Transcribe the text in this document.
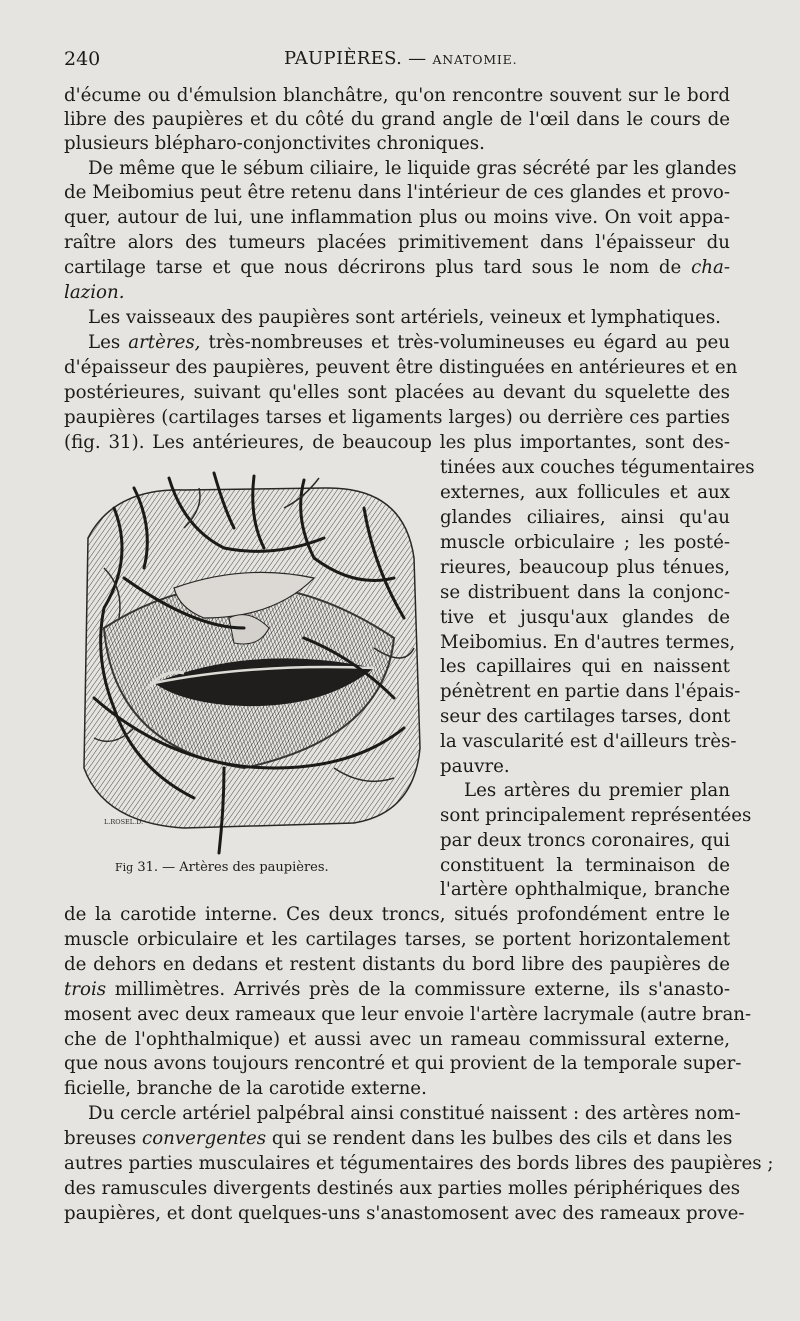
240	PAUPIÈRES. — ANATOMIE.
d'écume ou d'émulsion blanchâtre, qu'on rencontre souvent sur le bord
libre des paupières et du côté du grand angle de l'œil dans le cours de
plusieurs blépharo-conjonctivites chroniques.
De même que le sébum ciliaire, le liquide gras sécrété par les glandes
de Meibomius peut être retenu dans l'intérieur de ces glandes et provo-
quer, autour de lui, une inflammation plus ou moins vive. On voit appa-
raître alors des tumeurs placées primitivement dans l'épaisseur du
cartilage tarse et que nous décrirons plus tard sous le nom de cha-
lazion.
Les vaisseaux des paupières sont artériels, veineux et lymphatiques.
Les artères, très-nombreuses et très-volumineuses eu égard au peu
d'épaisseur des paupières, peuvent être distinguées en antérieures et en
postérieures, suivant qu'elles sont placées au devant du squelette des
paupières (cartilages tarses et ligaments larges) ou derrière ces parties
(fig. 31). Les antérieures, de beaucoup les plus importantes, sont des-
tinées aux couches tégumentaires
externes, aux follicules et aux
glandes ciliaires, ainsi qu'au
muscle orbiculaire ; les posté-
rieures, beaucoup plus ténues,
se distribuent dans la conjonc-
tive et jusqu'aux glandes de
Meibomius. En d'autres termes,
les capillaires qui en naissent
pénètrent en partie dans l'épais-
seur des cartilages tarses, dont
la vascularité est d'ailleurs très-
pauvre.
Les artères du premier plan
sont principalement représentées
par deux troncs coronaires, qui
constituent la terminaison de
l'artère ophthalmique, branche
de la carotide interne. Ces deux troncs, situés profondément entre le
muscle orbiculaire et les cartilages tarses, se portent horizontalement
de dehors en dedans et restent distants du bord libre des paupières de
trois millimètres. Arrivés près de la commissure externe, ils s'anasto-
mosent avec deux rameaux que leur envoie l'artère lacrymale (autre bran-
che de l'ophthalmique) et aussi avec un rameau commissural externe,
que nous avons toujours rencontré et qui provient de la temporale super-
ficielle, branche de la carotide externe.
Du cercle artériel palpébral ainsi constitué naissent : des artères nom-
breuses convergentes qui se rendent dans les bulbes des cils et dans les
autres parties musculaires et tégumentaires des bords libres des paupières ;
des ramuscules divergents destinés aux parties molles périphériques des
paupières, et dont quelques-uns s'anastomosent avec des rameaux prove-
L.ROSEL.D.
Fig 31. — Artères des paupières.
